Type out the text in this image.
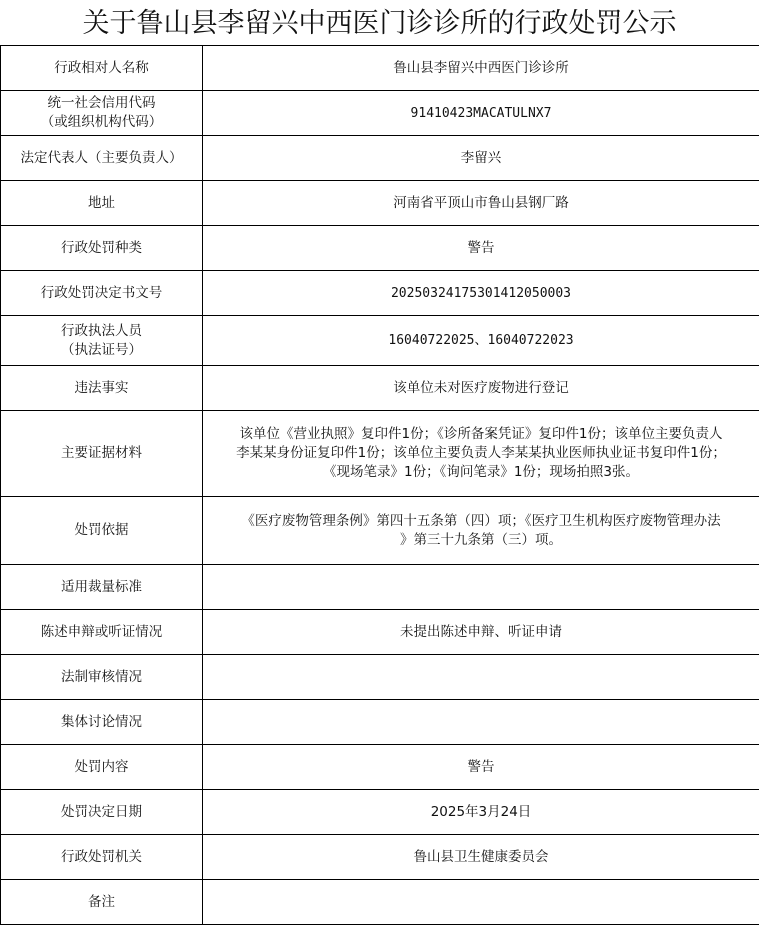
关于鲁山县李留兴中西医门诊诊所的行政处罚公示
行政相对人名称	鲁山县李留兴中西医门诊诊所

统一社会信用代码
（或组织机构代码）	91410423MACATULNX7

法定代表人（主要负责人）	李留兴

地址	河南省平顶山市鲁山县钢厂路

行政处罚种类	警告

行政处罚决定书文号	20250324175301412050003

行政执法人员
（执法证号）	16040722025、16040722023

违法事实	该单位未对医疗废物进行登记

主要证据材料	该单位《营业执照》复印件1份；《诊所备案凭证》复印件1份；该单位主要负责人
李某某身份证复印件1份；该单位主要负责人李某某执业医师执业证书复印件1份；
《现场笔录》1份；《询问笔录》1份；现场拍照3张。

处罚依据	《医疗废物管理条例》第四十五条第（四）项；《医疗卫生机构医疗废物管理办法
》第三十九条第（三）项。

适用裁量标准	

陈述申辩或听证情况	未提出陈述申辩、听证申请

法制审核情况	

集体讨论情况	

处罚内容	警告

处罚决定日期	2025年3月24日

行政处罚机关	鲁山县卫生健康委员会

备注	
